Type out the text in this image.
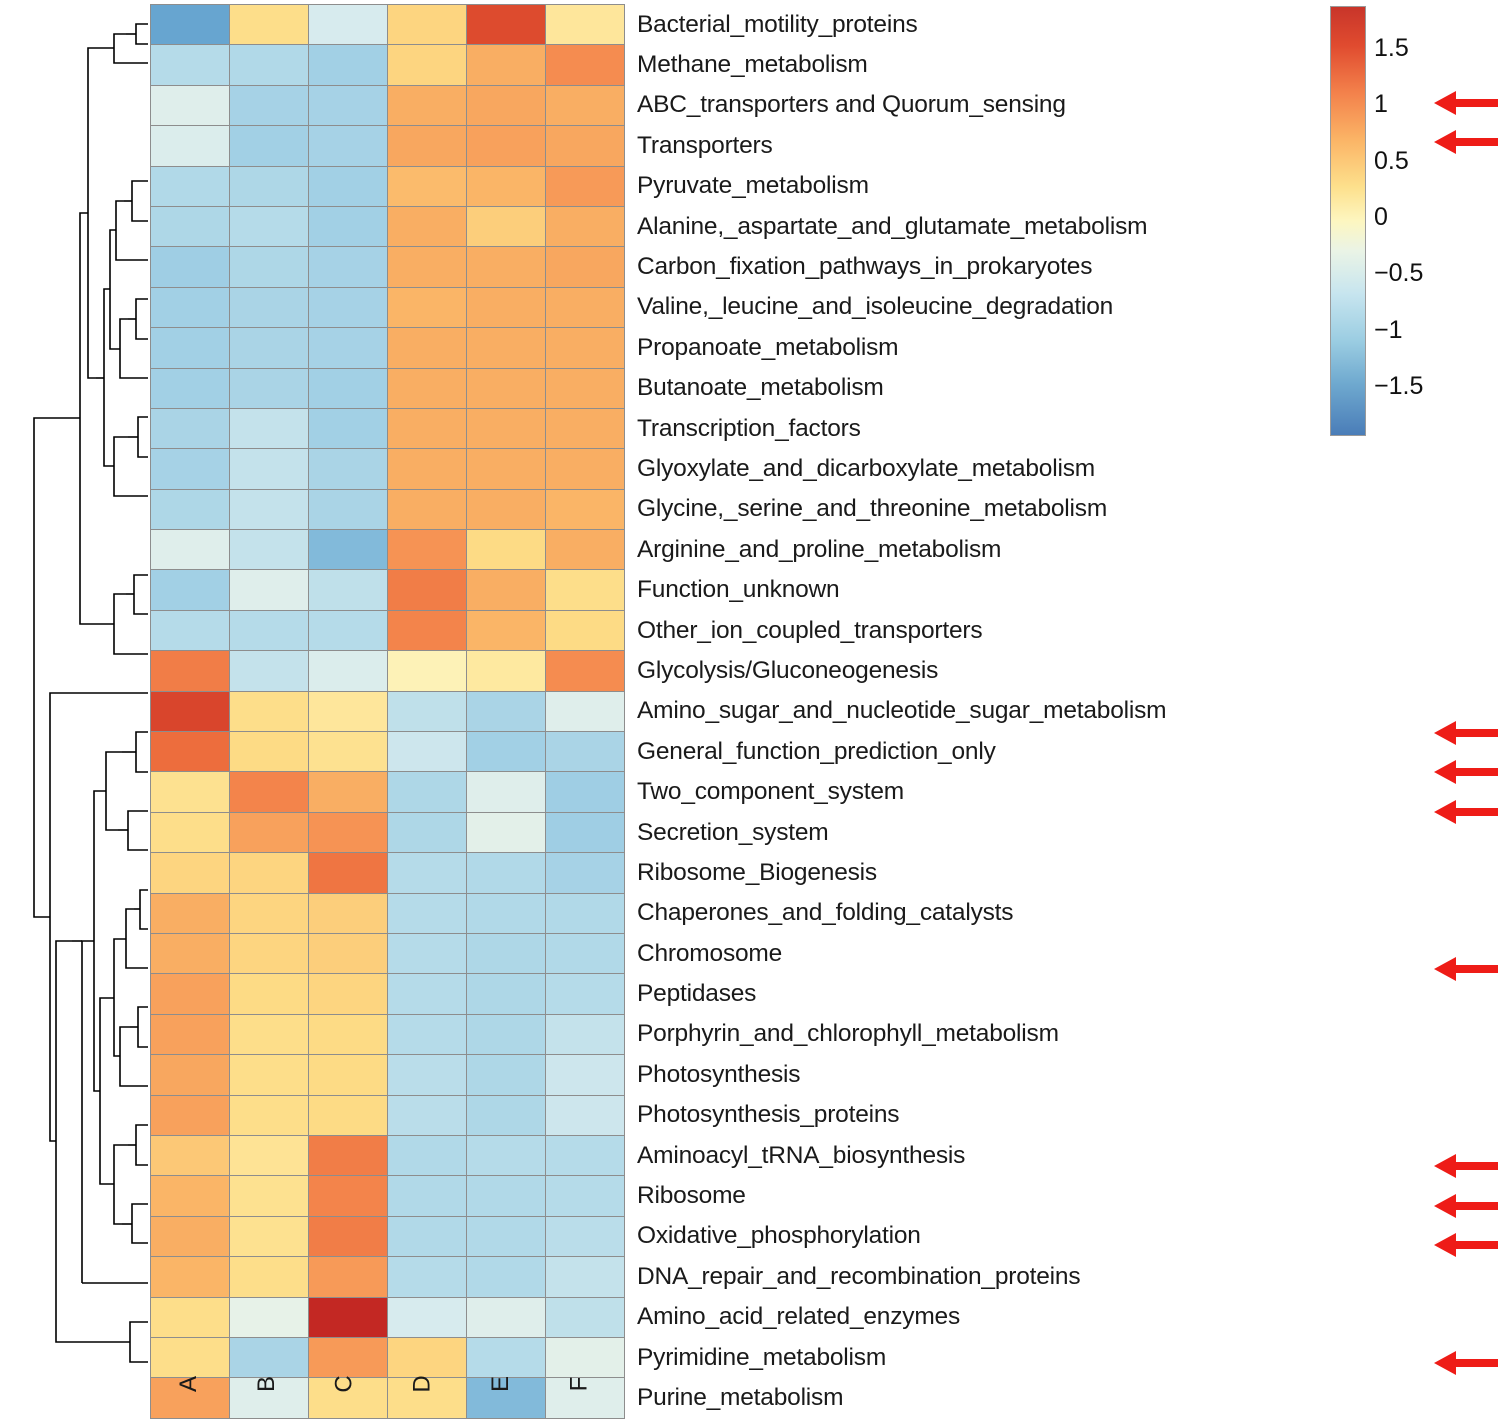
						Bacterial_motility_proteins
						Methane_metabolism
						ABC_transporters and Quorum_sensing
						Transporters
						Pyruvate_metabolism
						Alanine,_aspartate_and_glutamate_metabolism
						Carbon_fixation_pathways_in_prokaryotes
						Valine,_leucine_and_isoleucine_degradation
						Propanoate_metabolism
						Butanoate_metabolism
						Transcription_factors
						Glyoxylate_and_dicarboxylate_metabolism
						Glycine,_serine_and_threonine_metabolism
						Arginine_and_proline_metabolism
						Function_unknown
						Other_ion_coupled_transporters
						Glycolysis/Gluconeogenesis
						Amino_sugar_and_nucleotide_sugar_metabolism
						General_function_prediction_only
						Two_component_system
						Secretion_system
						Ribosome_Biogenesis
						Chaperones_and_folding_catalysts
						Chromosome
						Peptidases
						Porphyrin_and_chlorophyll_metabolism
						Photosynthesis
						Photosynthesis_proteins
						Aminoacyl_tRNA_biosynthesis
						Ribosome
						Oxidative_phosphorylation
						DNA_repair_and_recombination_proteins
						Amino_acid_related_enzymes
						Pyrimidine_metabolism
						Purine_metabolism
A	B	C	D	E	F
1.5
1
0.5
0
−0.5
−1
−1.5
